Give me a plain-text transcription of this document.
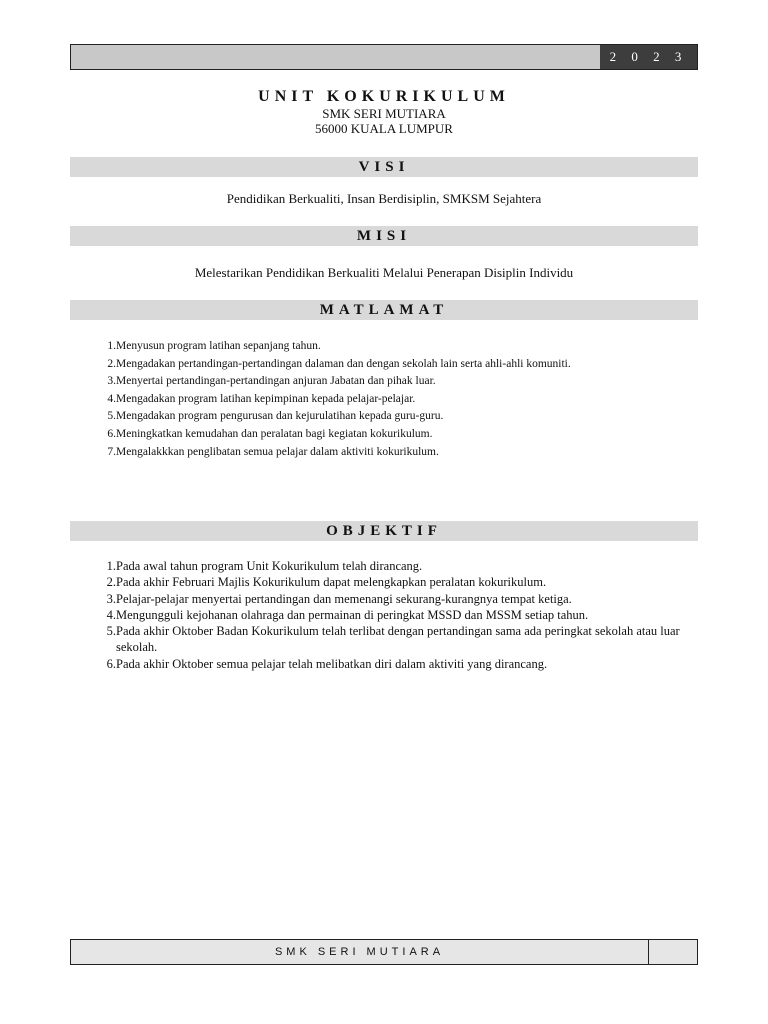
2 0 2 3
UNIT KOKURIKULUM
SMK SERI MUTIARA
56000 KUALA LUMPUR
VISI
Pendidikan Berkualiti, Insan Berdisiplin, SMKSM Sejahtera
MISI
Melestarikan Pendidikan Berkualiti Melalui Penerapan Disiplin Individu
MATLAMAT
1. Menyusun program latihan sepanjang tahun.
2. Mengadakan pertandingan-pertandingan dalaman dan dengan sekolah lain serta ahli-ahli komuniti.
3. Menyertai pertandingan-pertandingan anjuran Jabatan dan pihak luar.
4. Mengadakan program latihan kepimpinan kepada pelajar-pelajar.
5. Mengadakan program pengurusan dan kejurulatihan kepada guru-guru.
6. Meningkatkan kemudahan dan peralatan bagi kegiatan kokurikulum.
7. Mengalakkkan penglibatan semua pelajar dalam aktiviti kokurikulum.
OBJEKTIF
1. Pada awal tahun program Unit Kokurikulum telah dirancang.
2. Pada akhir Februari Majlis Kokurikulum dapat melengkapkan peralatan kokurikulum.
3. Pelajar-pelajar menyertai pertandingan dan memenangi sekurang-kurangnya tempat ketiga.
4. Mengungguli kejohanan olahraga dan permainan di peringkat MSSD dan MSSM setiap tahun.
5. Pada akhir Oktober Badan Kokurikulum telah terlibat dengan pertandingan sama ada peringkat sekolah atau luar sekolah.
6. Pada akhir Oktober semua pelajar telah melibatkan diri dalam aktiviti yang dirancang.
SMK SERI MUTIARA
